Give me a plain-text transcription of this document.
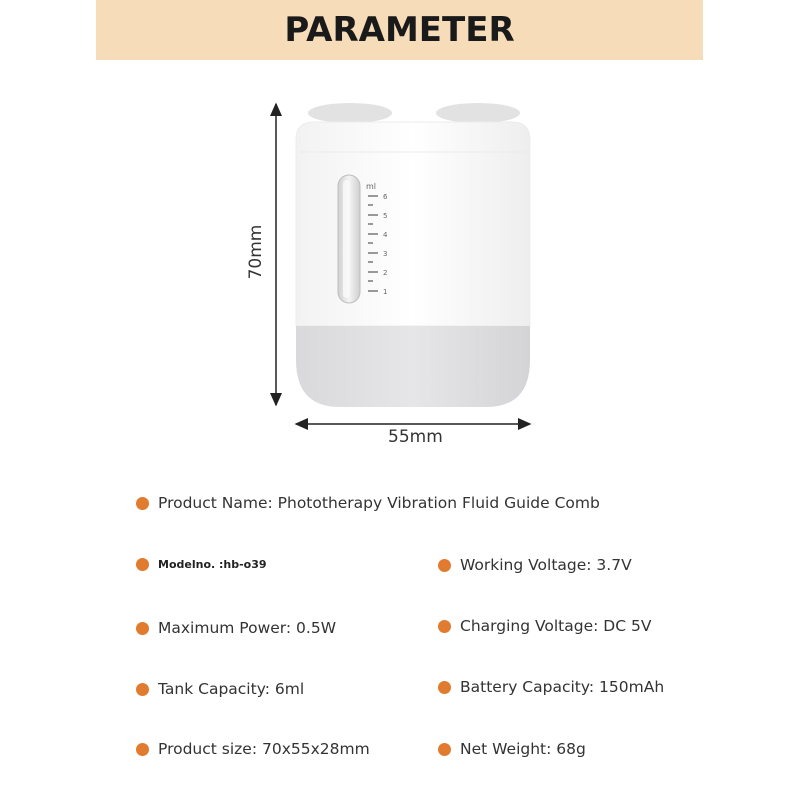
PARAMETER
ml
6
5
4
3
2
1
70mm
55mm
Product Name: Phototherapy Vibration Fluid Guide Comb
Modelno. :hb-o39	Working Voltage: 3.7V
Maximum Power: 0.5W	Charging Voltage: DC 5V
Tank Capacity: 6ml	Battery Capacity: 150mAh
Product size: 70x55x28mm	Net Weight: 68g
